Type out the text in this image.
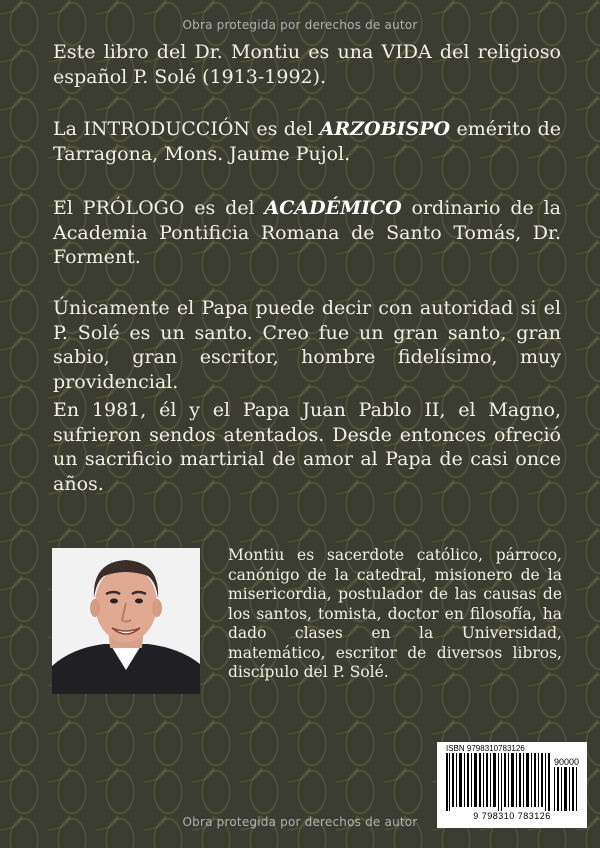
Obra protegida por derechos de autor

Este libro del Dr. Montiu es una VIDA del religioso español P. Solé (1913-1992).

La INTRODUCCIÓN es del ARZOBISPO emérito de Tarragona, Mons. Jaume Pujol.

El PRÓLOGO es del ACADÉMICO ordinario de la Academia Pontificia Romana de Santo Tomás, Dr. Forment.

Únicamente el Papa puede decir con autoridad si el P. Solé es un santo. Creo fue un gran santo, gran sabio, gran escritor, hombre fidelísimo, muy providencial.

En 1981, él y el Papa Juan Pablo II, el Magno, sufrieron sendos atentados. Desde entonces ofreció un sacrificio martirial de amor al Papa de casi once años.

Montiu es sacerdote católico, párroco, canónigo de la catedral, misionero de la misericordia, postulador de las causas de los santos, tomista, doctor en filosofía, ha dado clases en la Universidad, matemático, escritor de diversos libros, discípulo del P. Solé.

ISBN 9798310783126
90000
9 798310 783126
Obra protegida por derechos de autor
